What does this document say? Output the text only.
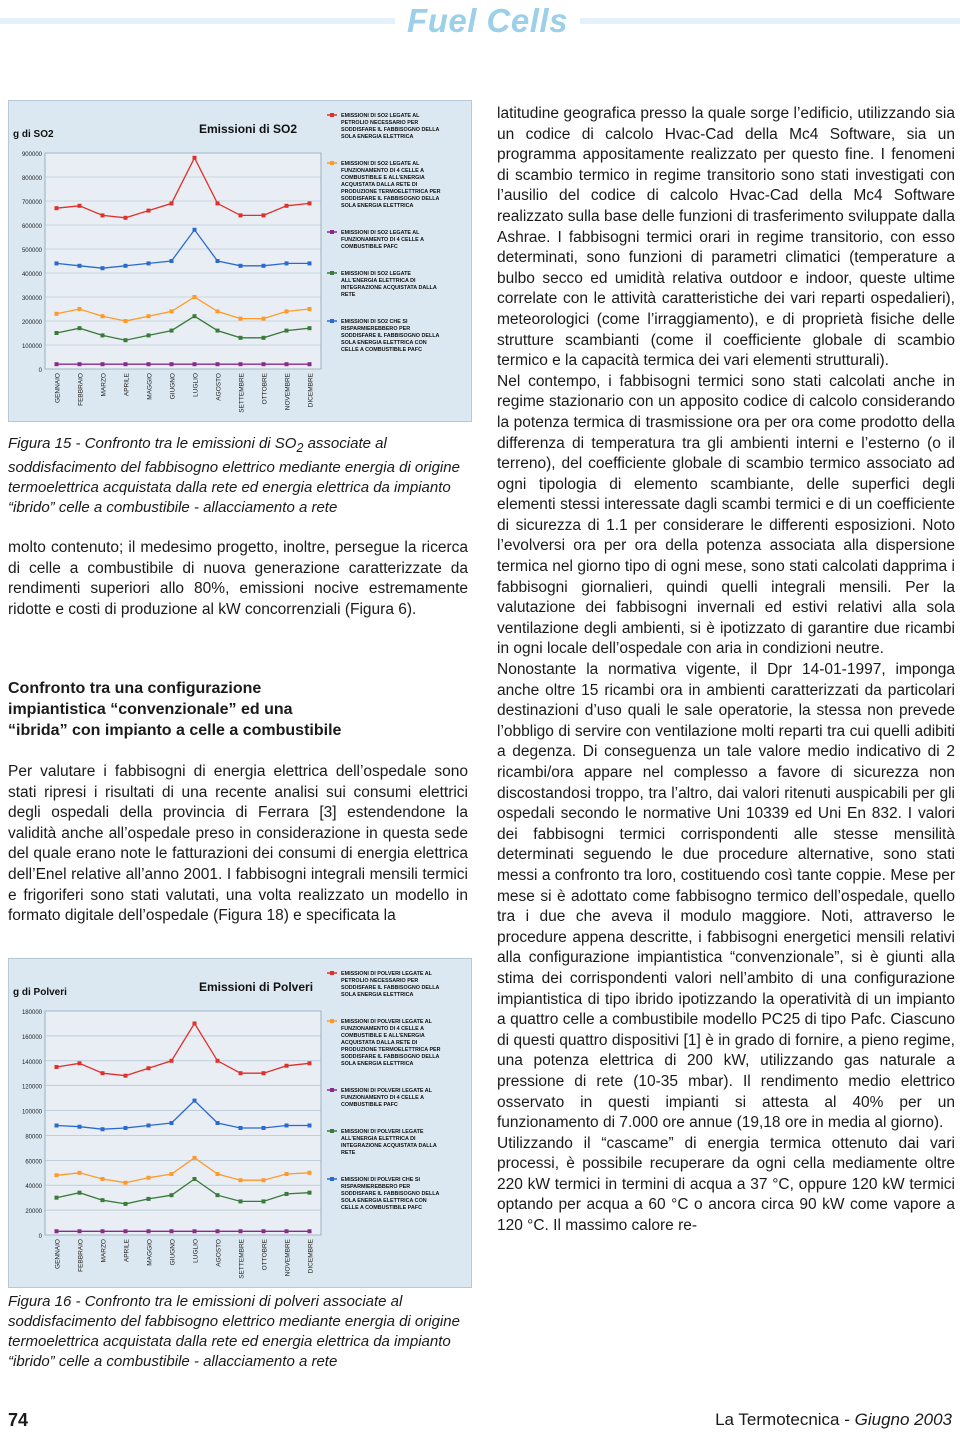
Fuel Cells
Emissioni di SO2
g di SO2
0
100000
200000
300000
400000
500000
600000
700000
800000
900000
GENNAIO FEBBRAIO MARZO APRILE MAGGIO GIUGNO LUGLIO AGOSTO SETTEMBRE OTTOBRE NOVEMBRE DICEMBRE
EMISSIONI DI SO2 LEGATE AL PETROLIO NECESSARIO PER SODDISFARE IL FABBISOGNO DELLA SOLA ENERGIA ELETTRICA
EMISSIONI DI SO2 LEGATE AL FUNZIONAMENTO DI 4 CELLE A COMBUSTIBILE E ALL'ENERGIA ACQUISTATA DALLA RETE DI PRODUZIONE TERMOELETTRICA PER SODDISFARE IL FABBISOGNO DELLA SOLA ENERGIA ELETTRICA
EMISSIONI DI SO2 LEGATE AL FUNZIONAMENTO DI 4 CELLE A COMBUSTIBILE PAFC
EMISSIONI DI SO2 LEGATE ALL'ENERGIA ELETTRICA DI INTEGRAZIONE ACQUISTATA DALLA RETE
EMISSIONI DI SO2 CHE SI RISPARMIEREBBERO PER SODDISFARE IL FABBISOGNO DELLA SOLA ENERGIA ELETTRICA CON CELLE A COMBUSTIBILE PAFC

Figura 15 - Confronto tra le emissioni di $SO_2$ associate al soddisfacimento del fabbisogno elettrico mediante energia di origine termoelettrica acquistata dalla rete ed energia elettrica da impianto “ibrido” celle a combustibile - allacciamento a rete

molto contenuto; il medesimo progetto, inoltre, persegue la ricerca di celle a combustibile di nuova generazione caratterizzate da rendimenti superiori allo 80%, emissioni nocive estremamente ridotte e costi di produzione al kW concorrenziali (Figura 6).

Confronto tra una configurazione

impiantistica “convenzionale” ed una

“ibrida” con impianto a celle a combustibile

Per valutare i fabbisogni di energia elettrica dell’ospedale sono stati ripresi i risultati di una recente analisi sui consumi elettrici degli ospedali della provincia di Ferrara [3] estendendone la validità anche all’ospedale preso in considerazione in questa sede del quale erano note le fatturazioni dei consumi di energia elettrica dell’Enel relative all’anno 2001. I fabbisogni integrali mensili termici e frigoriferi sono stati valutati, una volta realizzato un modello in formato digitale dell’ospedale (Figura 18) e specificata la

Emissioni di Polveri
g di Polveri
0
20000
40000
60000
80000
100000
120000
140000
160000
180000
GENNAIO FEBBRAIO MARZO APRILE MAGGIO GIUGNO LUGLIO AGOSTO SETTEMBRE OTTOBRE NOVEMBRE DICEMBRE
EMISSIONI DI POLVERI LEGATE AL PETROLIO NECESSARIO PER SODDISFARE IL FABBISOGNO DELLA SOLA ENERGIA ELETTRICA
EMISSIONI DI POLVERI LEGATE AL FUNZIONAMENTO DI 4 CELLE A COMBUSTIBILE E ALL'ENERGIA ACQUISTATA DALLA RETE DI PRODUZIONE TERMOELETTRICA PER SODDISFARE IL FABBISOGNO DELLA SOLA ENERGIA ELETTRICA
EMISSIONI DI POLVERI LEGATE AL FUNZIONAMENTO DI 4 CELLE A COMBUSTIBILE PAFC
EMISSIONI DI POLVERI LEGATE ALL'ENERGIA ELETTRICA DI INTEGRAZIONE ACQUISTATA DALLA RETE
EMISSIONI DI POLVERI CHE SI RISPARMIEREBBERO PER SODDISFARE IL FABBISOGNO DELLA SOLA ENERGIA ELETTRICA CON CELLE A COMBUSTIBILE PAFC

Figura 16 - Confronto tra le emissioni di polveri associate al soddisfacimento del fabbisogno elettrico mediante energia di origine termoelettrica acquistata dalla rete ed energia elettrica da impianto “ibrido” celle a combustibile - allacciamento a rete

latitudine geografica presso la quale sorge l’edificio, utilizzando sia un codice di calcolo Hvac-Cad della Mc4 Software, sia un programma appositamente realizzato per questo fine. I fenomeni di scambio termico in regime transitorio sono stati investigati con l’ausilio del codice di calcolo Hvac-Cad della Mc4 Software realizzato sulla base delle funzioni di trasferimento sviluppate dalla Ashrae. I fabbisogni termici orari in regime transitorio, con esso determinati, sono funzioni di parametri climatici (temperature a bulbo secco ed umidità relativa outdoor e indoor, queste ultime correlate con le attività caratteristiche dei vari reparti ospedalieri), meteorologici (come l’irraggiamento), e di proprietà fisiche delle strutture scambianti (come il coefficiente globale di scambio termico e la capacità termica dei vari elementi strutturali).

Nel contempo, i fabbisogni termici sono stati calcolati anche in regime stazionario con un apposito codice di calcolo considerando la potenza termica di trasmissione ora per ora come prodotto della differenza di temperatura tra gli ambienti interni e l’esterno (o il terreno), del coefficiente globale di scambio termico associato ad ogni tipologia di elemento scambiante, delle superfici degli elementi stessi interessate dagli scambi termici e di un coefficiente di sicurezza di 1.1 per considerare le differenti esposizioni. Noto l’evolversi ora per ora della potenza associata alla dispersione termica nel giorno tipo di ogni mese, sono stati calcolati dapprima i fabbisogni giornalieri, quindi quelli integrali mensili. Per la valutazione dei fabbisogni invernali ed estivi relativi alla sola ventilazione degli ambienti, si è ipotizzato di garantire due ricambi in ogni locale dell’ospedale con aria in condizioni neutre.

Nonostante la normativa vigente, il Dpr 14-01-1997, imponga anche oltre 15 ricambi ora in ambienti caratterizzati da particolari destinazioni d’uso quali le sale operatorie, la stessa non prevede l’obbligo di servire con ventilazione molti reparti tra cui quelli adibiti a degenza. Di conseguenza un tale valore medio indicativo di 2 ricambi/ora appare nel complesso a favore di sicurezza non discostandosi troppo, tra l’altro, dai valori ritenuti auspicabili per gli ospedali secondo le normative Uni 10339 ed Uni En 832. I valori dei fabbisogni termici corrispondenti alle stesse mensilità determinati seguendo le due procedure alternative, sono stati messi a confronto tra loro, costituendo così tante coppie. Mese per mese si è adottato come fabbisogno termico dell’ospedale, quello tra i due che aveva il modulo maggiore. Noti, attraverso le procedure appena descritte, i fabbisogni energetici mensili relativi alla configurazione impiantistica “convenzionale”, si è giunti alla stima dei corrispondenti valori nell’ambito di una configurazione impiantistica di tipo ibrido ipotizzando la operatività di un impianto a quattro celle a combustibile modello PC25 di tipo Pafc. Ciascuno di questi quattro dispositivi [1] è in grado di fornire, a pieno regime, una potenza elettrica di 200 kW, utilizzando gas naturale a pressione di rete (10-35 mbar). Il rendimento medio elettrico osservato in questi impianti si attesta al 40% per un funzionamento di 7.000 ore annue (19,18 ore in media al giorno).

Utilizzando il “cascame” di energia termica ottenuto dai vari processi, è possibile recuperare da ogni cella mediamente oltre 220 kW termici in termini di acqua a 37 °C, oppure 120 kW termici optando per acqua a 60 °C o ancora circa 90 kW come vapore a 120 °C. Il massimo calore re-

74	La Termotecnica - Giugno 2003
